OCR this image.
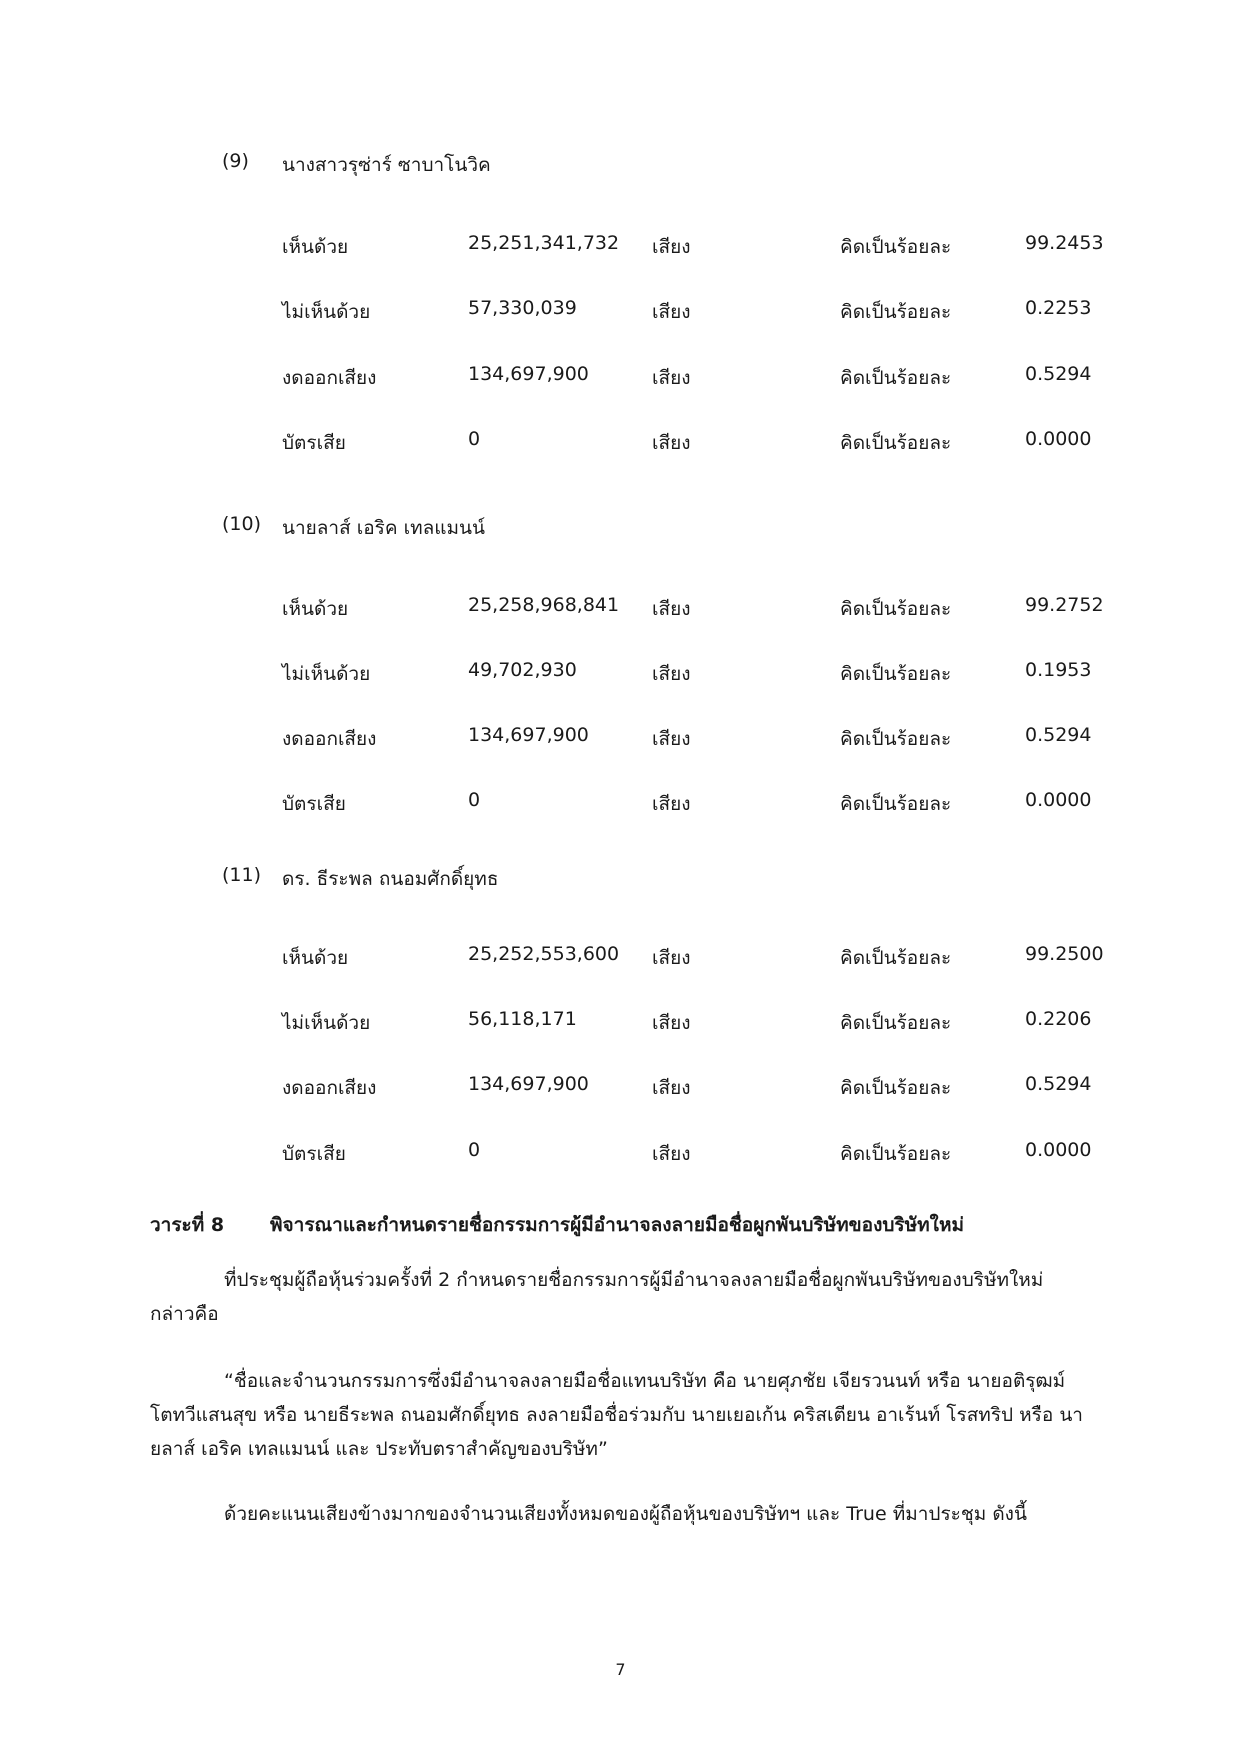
(9) นางสาวรุซ่าร์ ซาบาโนวิค
เห็นด้วย	25,251,341,732 เสียง	คิดเป็นร้อยละ	99.2453
ไม่เห็นด้วย	57,330,039	เสียง	คิดเป็นร้อยละ	0.2253
งดออกเสียง	134,697,900	เสียง	คิดเป็นร้อยละ	0.5294
บัตรเสีย	0	เสียง	คิดเป็นร้อยละ	0.0000
(10) นายลาส์ เอริค เทลแมนน์
เห็นด้วย	25,258,968,841 เสียง	คิดเป็นร้อยละ	99.2752
ไม่เห็นด้วย	49,702,930	เสียง	คิดเป็นร้อยละ	0.1953
งดออกเสียง	134,697,900	เสียง	คิดเป็นร้อยละ	0.5294
บัตรเสีย	0	เสียง	คิดเป็นร้อยละ	0.0000
(11) ดร. ธีระพล ถนอมศักดิ์ยุทธ
เห็นด้วย	25,252,553,600 เสียง	คิดเป็นร้อยละ	99.2500
ไม่เห็นด้วย	56,118,171	เสียง	คิดเป็นร้อยละ	0.2206
งดออกเสียง	134,697,900	เสียง	คิดเป็นร้อยละ	0.5294
บัตรเสีย	0	เสียง	คิดเป็นร้อยละ	0.0000
วาระที่ 8 พิจารณาและกำหนดรายชื่อกรรมการผู้มีอำนาจลงลายมือชื่อผูกพันบริษัทของบริษัทใหม่
ที่ประชุมผู้ถือหุ้นร่วมครั้งที่ 2 กำหนดรายชื่อกรรมการผู้มีอำนาจลงลายมือชื่อผูกพันบริษัทของบริษัทใหม่ กล่าวคือ
“ชื่อและจำนวนกรรมการซึ่งมีอำนาจลงลายมือชื่อแทนบริษัท คือ นายศุภชัย เจียรวนนท์ หรือ นายอติรุฒม์ โตทวีแสนสุข หรือ นายธีระพล ถนอมศักดิ์ยุทธ ลงลายมือชื่อร่วมกับ นายเยอเก้น คริสเตียน อาเร้นท์ โรสทริป หรือ นายลาส์ เอริค เทลแมนน์ และ ประทับตราสำคัญของบริษัท”
ด้วยคะแนนเสียงข้างมากของจำนวนเสียงทั้งหมดของผู้ถือหุ้นของบริษัทฯ และ True ที่มาประชุม ดังนี้
7
